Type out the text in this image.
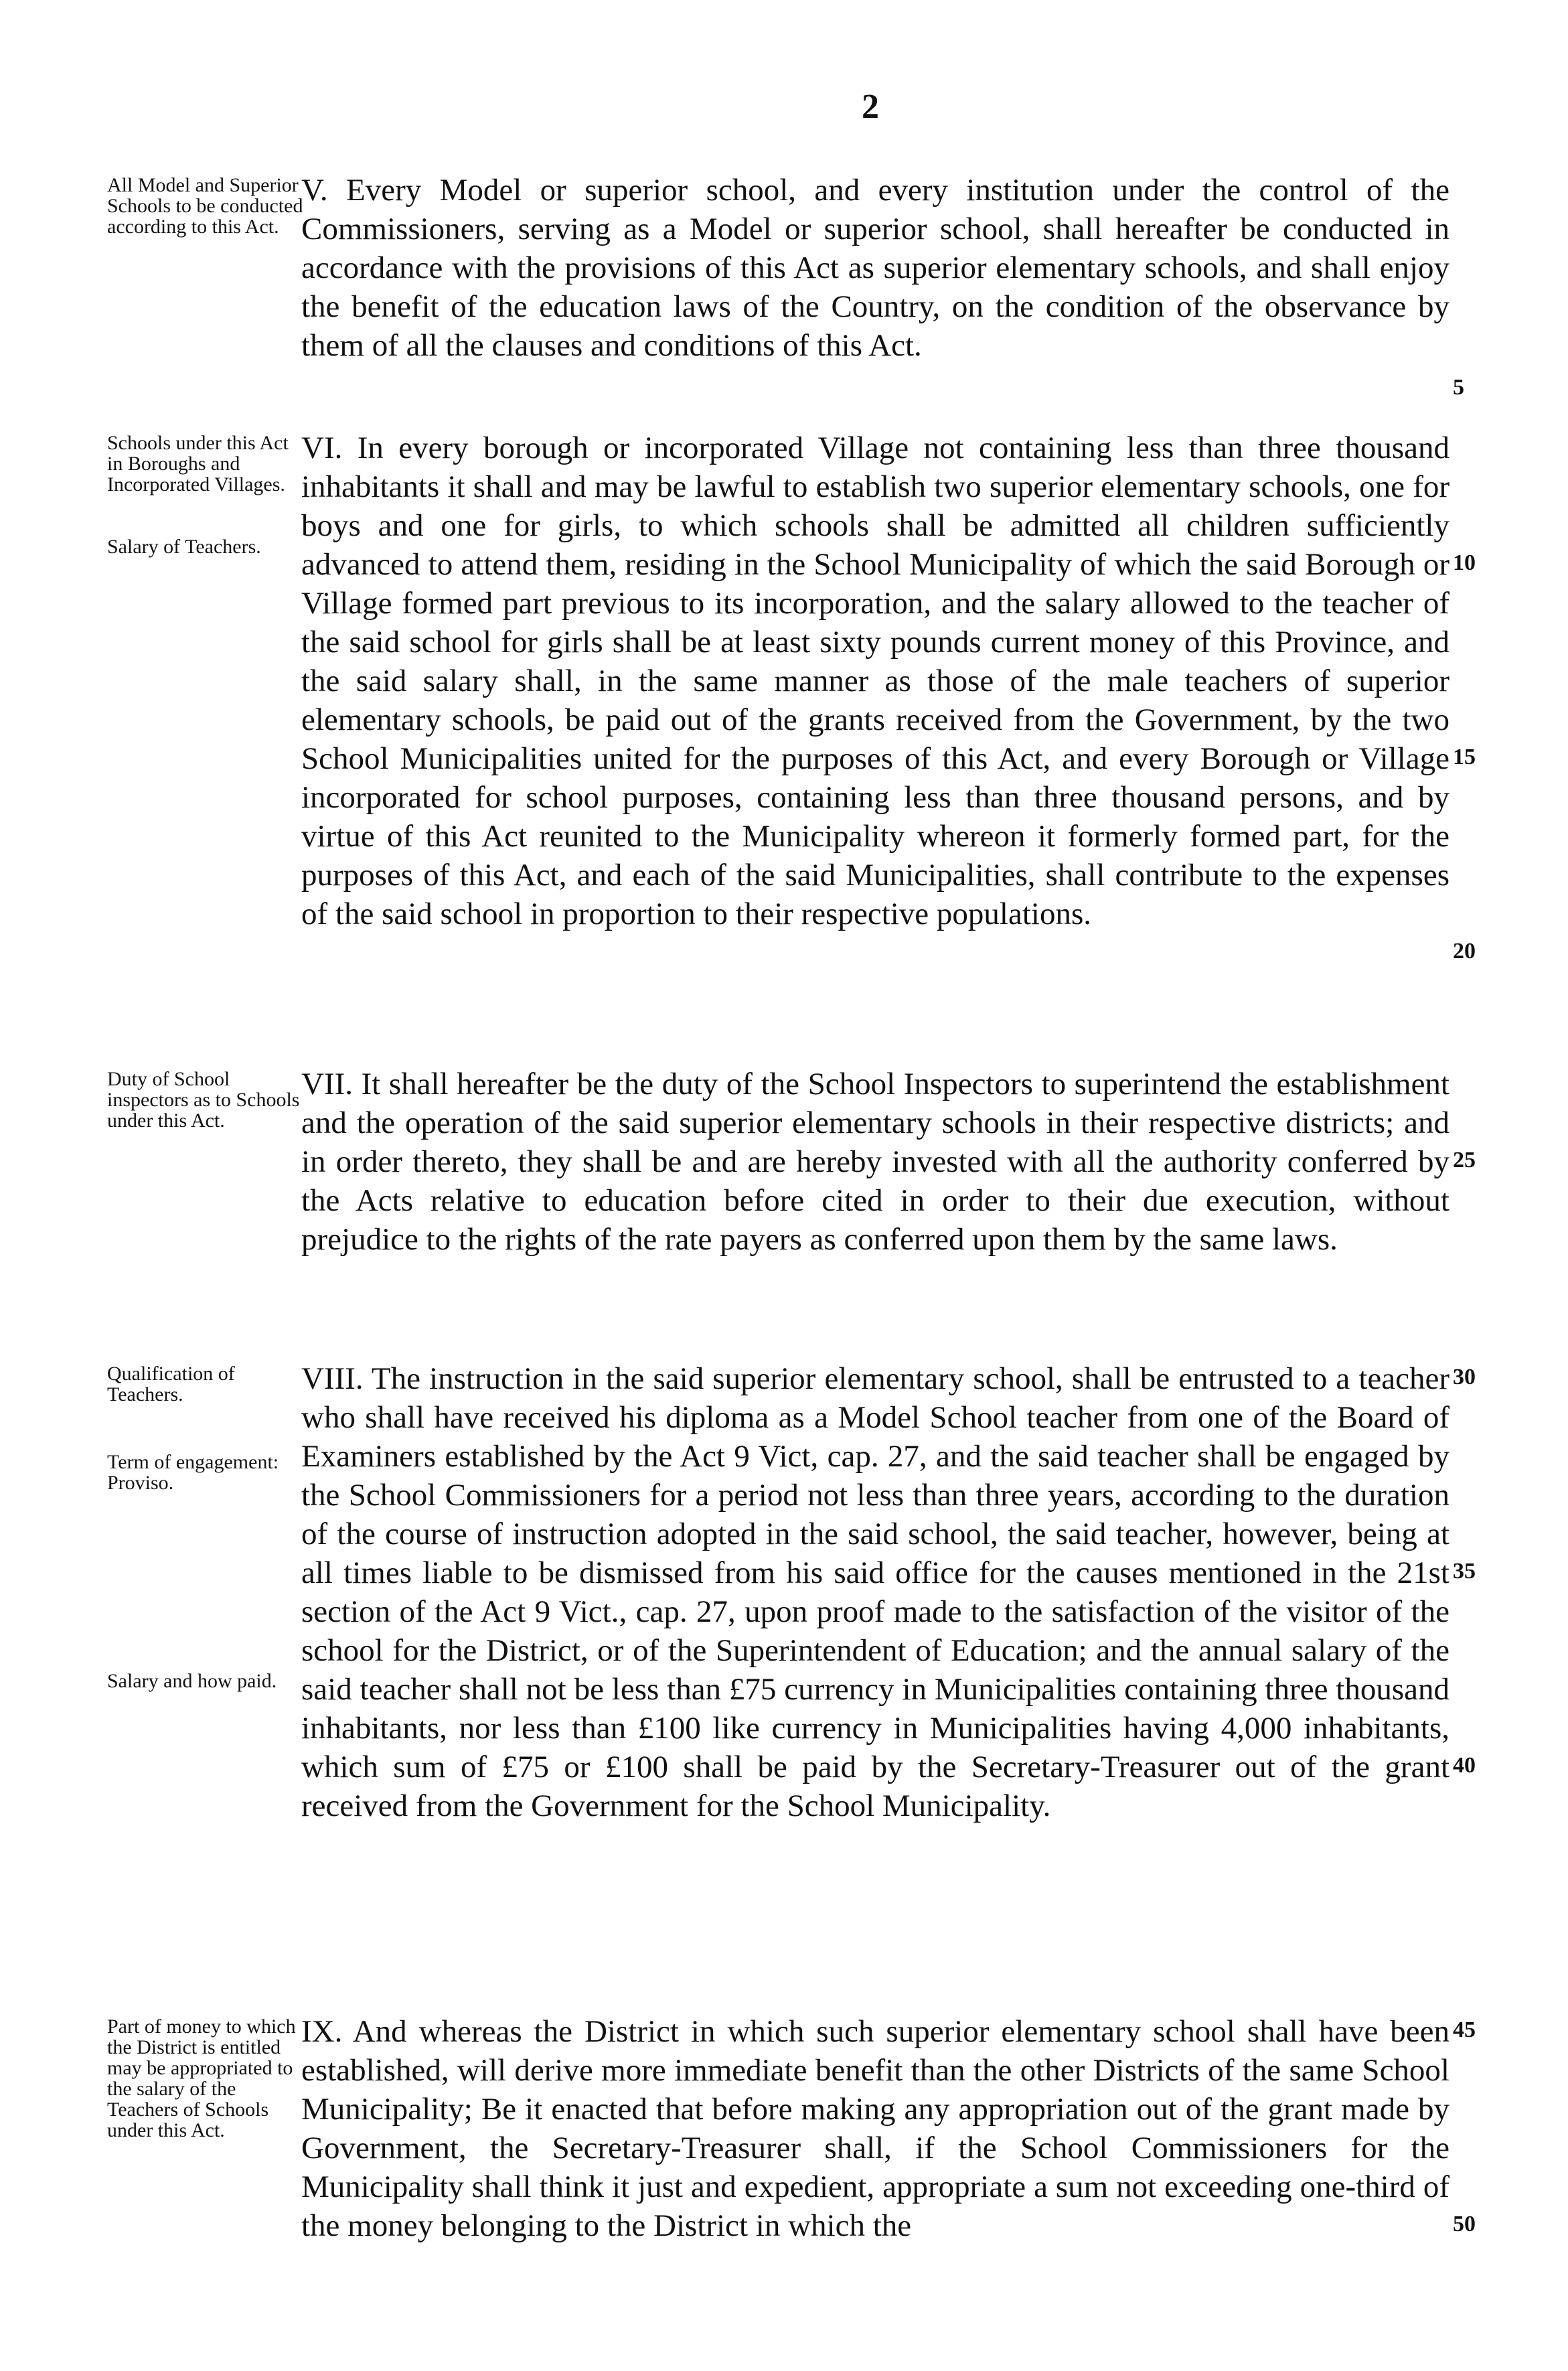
2
All Model and Superior Schools to be conducted according to this Act.
V. Every Model or superior school, and every institution under the control of the Commissioners, serving as a Model or superior school, shall hereafter be conducted in accordance with the provisions of this Act as superior elementary schools, and shall enjoy the benefit of the education laws of the Country, on the condition of the observance by them of all the clauses and conditions of this Act.
5
Schools under this Act in Boroughs and Incorporated Villages.
Salary of Teachers.
VI. In every borough or incorporated Village not containing less than three thousand inhabitants it shall and may be lawful to establish two superior elementary schools, one for boys and one for girls, to which schools shall be admitted all children sufficiently advanced to attend them, residing in the School Municipality of which the said Borough or Village formed part previous to its incorporation, and the salary allowed to the teacher of the said school for girls shall be at least sixty pounds current money of this Province, and the said salary shall, in the same manner as those of the male teachers of superior elementary schools, be paid out of the grants received from the Government, by the two School Municipalities united for the purposes of this Act, and every Borough or Village incorporated for school purposes, containing less than three thousand persons, and by virtue of this Act reunited to the Municipality whereon it formerly formed part, for the purposes of this Act, and each of the said Municipalities, shall contribute to the expenses of the said school in proportion to their respective populations.
10
15
20
Duty of School inspectors as to Schools under this Act.
VII. It shall hereafter be the duty of the School Inspectors to superintend the establishment and the operation of the said superior elementary schools in their respective districts; and in order thereto, they shall be and are hereby invested with all the authority conferred by the Acts relative to education before cited in order to their due execution, without prejudice to the rights of the rate payers as conferred upon them by the same laws.
25
Qualification of Teachers.
Term of engagement: Proviso.
Salary and how paid.
VIII. The instruction in the said superior elementary school, shall be entrusted to a teacher who shall have received his diploma as a Model School teacher from one of the Board of Examiners established by the Act 9 Vict, cap. 27, and the said teacher shall be engaged by the School Commissioners for a period not less than three years, according to the duration of the course of instruction adopted in the said school, the said teacher, however, being at all times liable to be dismissed from his said office for the causes mentioned in the 21st section of the Act 9 Vict., cap. 27, upon proof made to the satisfaction of the visitor of the school for the District, or of the Superintendent of Education; and the annual salary of the said teacher shall not be less than £75 currency in Municipalities containing three thousand inhabitants, nor less than £100 like currency in Municipalities having 4,000 inhabitants, which sum of £75 or £100 shall be paid by the Secretary-Treasurer out of the grant received from the Government for the School Municipality.
30
35
40
Part of money to which the District is entitled may be appropriated to the salary of the Teachers of Schools under this Act.
IX. And whereas the District in which such superior elementary school shall have been established, will derive more immediate benefit than the other Districts of the same School Municipality; Be it enacted that before making any appropriation out of the grant made by Government, the Secretary-Treasurer shall, if the School Commissioners for the Municipality shall think it just and expedient, appropriate a sum not exceeding one-third of the money belonging to the District in which the
45
50
